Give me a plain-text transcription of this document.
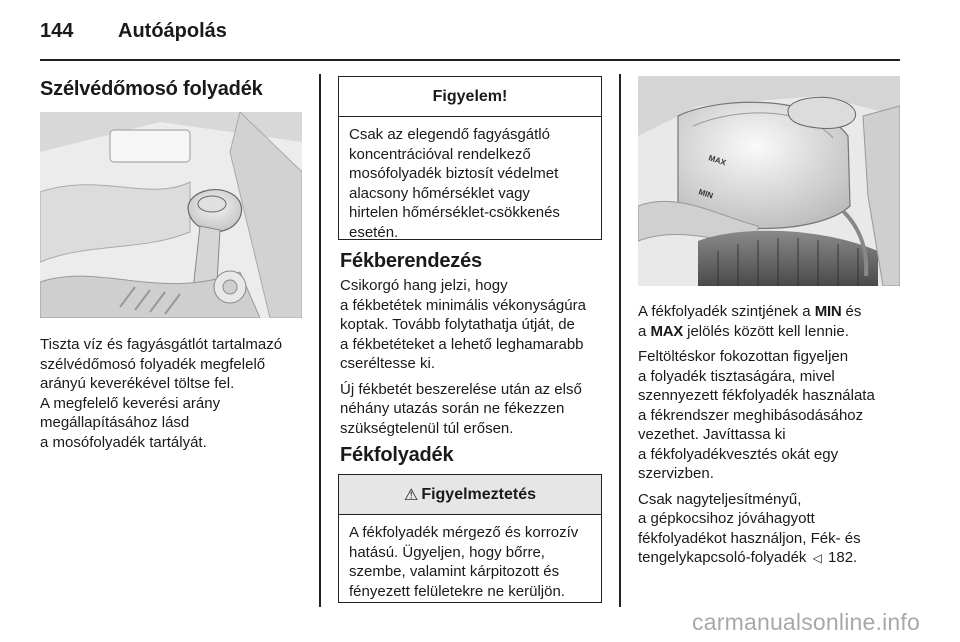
144 Autóápolás
Szélvédőmosó folyadék
Tiszta víz és fagyásgátlót tartalmazó
szélvédőmosó folyadék megfelelő
arányú keverékével töltse fel.
A megfelelő keverési arány
megállapításához lásd
a mosófolyadék tartályát.
Figyelem!
Csak az elegendő fagyásgátló
koncentrációval rendelkező
mosófolyadék biztosít védelmet
alacsony hőmérséklet vagy
hirtelen hőmérséklet-csökkenés
esetén.
Fékberendezés

Csikorgó hang jelzi, hogy
a fékbetétek minimális vékonyságúra
koptak. Tovább folytathatja útját, de
a fékbetéteket a lehető leghamarabb
cseréltesse ki.

Új fékbetét beszerelése után az első
néhány utazás során ne fékezzen
szükségtelenül túl erősen.

Fékfolyadék
⚠ Figyelmeztetés
A fékfolyadék mérgező és korrozív
hatású. Ügyeljen, hogy bőrre,
szembe, valamint kárpitozott és
fényezett felületekre ne kerüljön.
MAX
MIN

A fékfolyadék szintjének a MIN és
a MAX jelölés között kell lennie.

Feltöltéskor fokozottan figyeljen
a folyadék tisztaságára, mivel
szennyezett fékfolyadék használata
a fékrendszer meghibásodásához
vezethet. Javíttassa ki
a fékfolyadékvesztés okát egy
szervizben.

Csak nagyteljesítményű,
a gépkocsihoz jóváhagyott
fékfolyadékot használjon, Fék- és
tengelykapcsoló-folyadék ◁ 182.

carmanualsonline.info
